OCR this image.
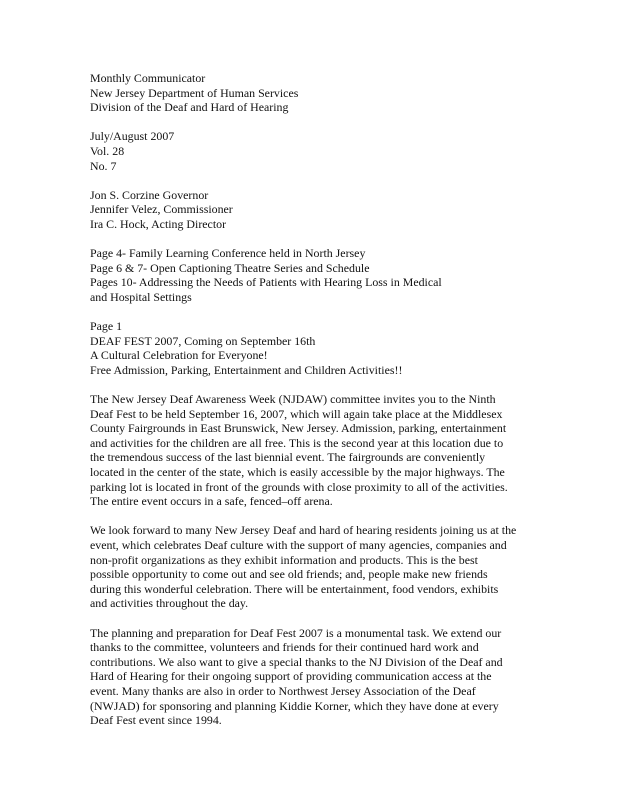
Monthly Communicator
New Jersey Department of Human Services
Division of the Deaf and Hard of Hearing
July/August 2007
Vol. 28
No. 7
Jon S. Corzine Governor
Jennifer Velez, Commissioner
Ira C. Hock, Acting Director
Page 4- Family Learning Conference held in North Jersey
Page 6 & 7- Open Captioning Theatre Series and Schedule
Pages 10- Addressing the Needs of Patients with Hearing Loss in Medical
and Hospital Settings
Page 1
DEAF FEST 2007, Coming on September 16th
A Cultural Celebration for Everyone!
Free Admission, Parking, Entertainment and Children Activities!!
The New Jersey Deaf Awareness Week (NJDAW) committee invites you to the Ninth
Deaf Fest to be held September 16, 2007, which will again take place at the Middlesex
County Fairgrounds in East Brunswick, New Jersey. Admission, parking, entertainment
and activities for the children are all free. This is the second year at this location due to
the tremendous success of the last biennial event. The fairgrounds are conveniently
located in the center of the state, which is easily accessible by the major highways. The
parking lot is located in front of the grounds with close proximity to all of the activities.
The entire event occurs in a safe, fenced–off arena.
We look forward to many New Jersey Deaf and hard of hearing residents joining us at the
event, which celebrates Deaf culture with the support of many agencies, companies and
non-profit organizations as they exhibit information and products. This is the best
possible opportunity to come out and see old friends; and, people make new friends
during this wonderful celebration. There will be entertainment, food vendors, exhibits
and activities throughout the day.
The planning and preparation for Deaf Fest 2007 is a monumental task. We extend our
thanks to the committee, volunteers and friends for their continued hard work and
contributions. We also want to give a special thanks to the NJ Division of the Deaf and
Hard of Hearing for their ongoing support of providing communication access at the
event. Many thanks are also in order to Northwest Jersey Association of the Deaf
(NWJAD) for sponsoring and planning Kiddie Korner, which they have done at every
Deaf Fest event since 1994.
